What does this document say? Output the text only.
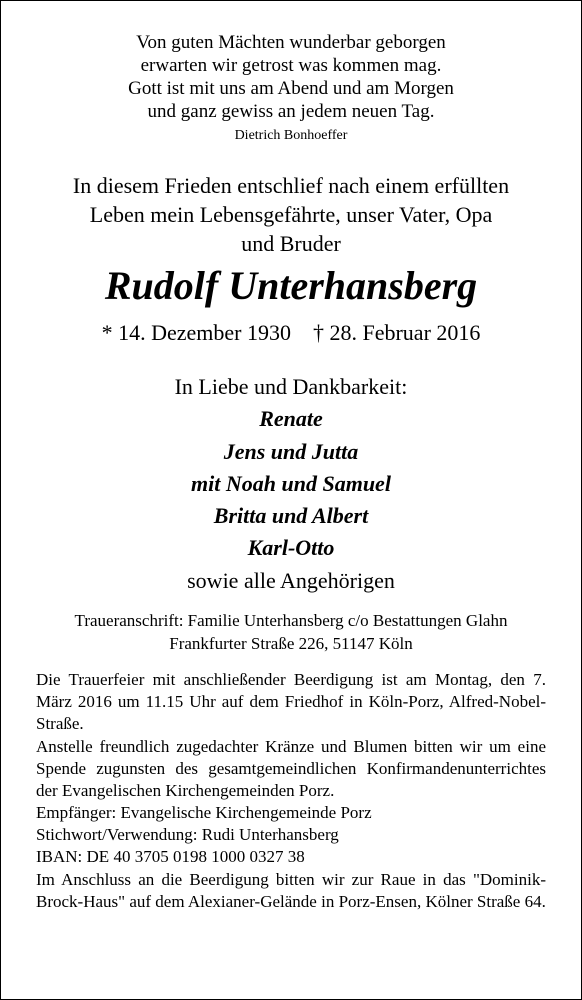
Von guten Mächten wunderbar geborgen
erwarten wir getrost was kommen mag.
Gott ist mit uns am Abend und am Morgen
und ganz gewiss an jedem neuen Tag.
Dietrich Bonhoeffer
In diesem Frieden entschlief nach einem erfüllten
Leben mein Lebensgefährte, unser Vater, Opa
und Bruder
Rudolf Unterhansberg
* 14. Dezember 1930 † 28. Februar 2016
In Liebe und Dankbarkeit:
Renate
Jens und Jutta
mit Noah und Samuel
Britta und Albert
Karl-Otto
sowie alle Angehörigen
Traueranschrift: Familie Unterhansberg c/o Bestattungen Glahn
Frankfurter Straße 226, 51147 Köln

Die Trauerfeier mit anschließender Beerdigung ist am Montag, den 7. März 2016 um 11.15 Uhr auf dem Friedhof in Köln-Porz, Alfred-Nobel-Straße.

Anstelle freundlich zugedachter Kränze und Blumen bitten wir um eine Spende zugunsten des gesamtgemeindlichen Konfirmandenunterrichtes der Evangelischen Kirchengemeinden Porz.

Empfänger: Evangelische Kirchengemeinde Porz
Stichwort/Verwendung: Rudi Unterhansberg
IBAN: DE 40 3705 0198 1000 0327 38

Im Anschluss an die Beerdigung bitten wir zur Raue in das "Dominik-Brock-Haus" auf dem Alexianer-Gelände in Porz-Ensen, Kölner Straße 64.
